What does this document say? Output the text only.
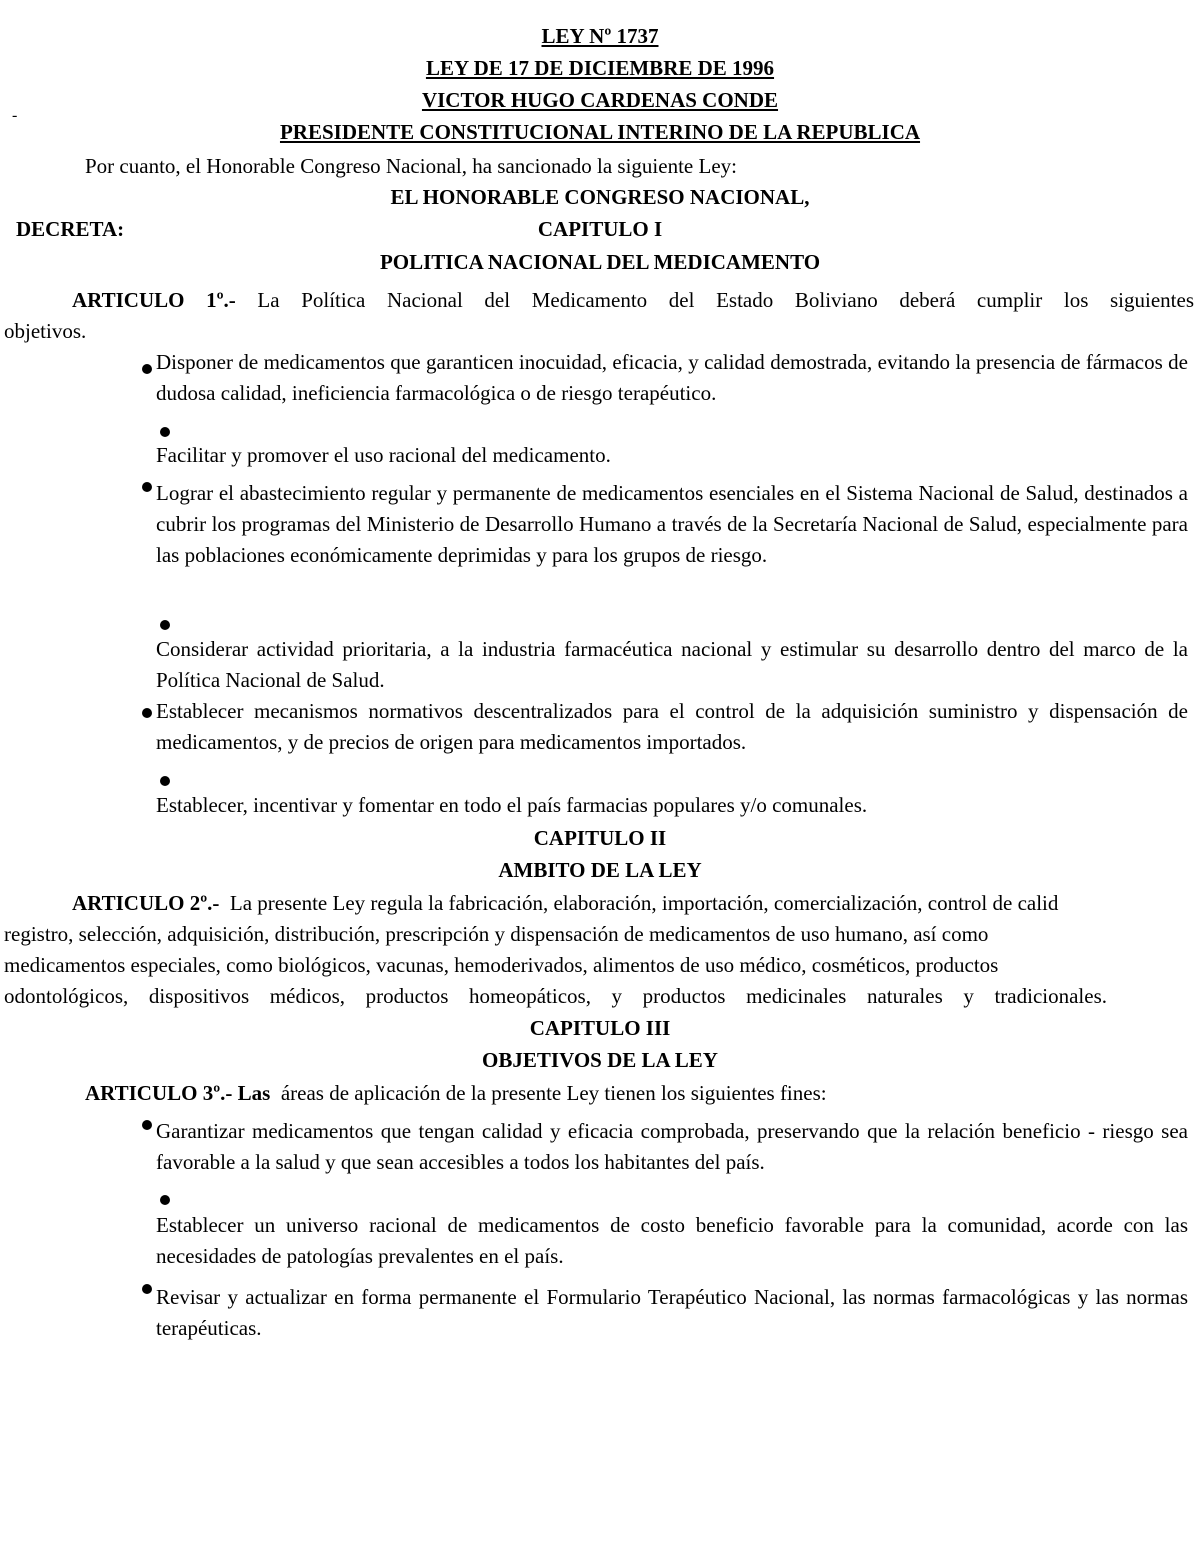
LEY Nº 1737
LEY DE 17 DE DICIEMBRE DE 1996
-
VICTOR HUGO CARDENAS CONDE
PRESIDENTE CONSTITUCIONAL INTERINO DE LA REPUBLICA
Por cuanto, el Honorable Congreso Nacional, ha sancionado la siguiente Ley:
EL HONORABLE CONGRESO NACIONAL,
DECRETA:	CAPITULO I
POLITICA NACIONAL DEL MEDICAMENTO
ARTICULO 1º.- La Política Nacional del Medicamento del Estado Boliviano deberá cumplir los siguientes
objetivos.
Disponer de medicamentos que garanticen inocuidad, eficacia, y calidad demostrada, evitando la presencia de fármacos de dudosa calidad, ineficiencia farmacológica o de riesgo terapéutico.
Facilitar y promover el uso racional del medicamento.
Lograr el abastecimiento regular y permanente de medicamentos esenciales en el Sistema Nacional de Salud, destinados a cubrir los programas del Ministerio de Desarrollo Humano a través de la Secretaría Nacional de Salud, especialmente para las poblaciones económicamente deprimidas y para los grupos de riesgo.
Considerar actividad prioritaria, a la industria farmacéutica nacional y estimular su desarrollo dentro del marco de la Política Nacional de Salud.
Establecer mecanismos normativos descentralizados para el control de la adquisición suministro y dispensación de medicamentos, y de precios de origen para medicamentos importados.
Establecer, incentivar y fomentar en todo el país farmacias populares y/o comunales.
CAPITULO II
AMBITO DE LA LEY
ARTICULO 2º.- La presente Ley regula la fabricación, elaboración, importación, comercialización, control de calid
registro, selección, adquisición, distribución, prescripción y dispensación de medicamentos de uso humano, así como
medicamentos especiales, como biológicos, vacunas, hemoderivados, alimentos de uso médico, cosméticos, productos
odontológicos, dispositivos médicos, productos homeopáticos, y productos medicinales naturales y tradicionales.
CAPITULO III
OBJETIVOS DE LA LEY
ARTICULO 3º.- Las áreas de aplicación de la presente Ley tienen los siguientes fines:
Garantizar medicamentos que tengan calidad y eficacia comprobada, preservando que la relación beneficio - riesgo sea favorable a la salud y que sean accesibles a todos los habitantes del país.
Establecer un universo racional de medicamentos de costo beneficio favorable para la comunidad, acorde con las necesidades de patologías prevalentes en el país.
Revisar y actualizar en forma permanente el Formulario Terapéutico Nacional, las normas farmacológicas y las normas terapéuticas.
